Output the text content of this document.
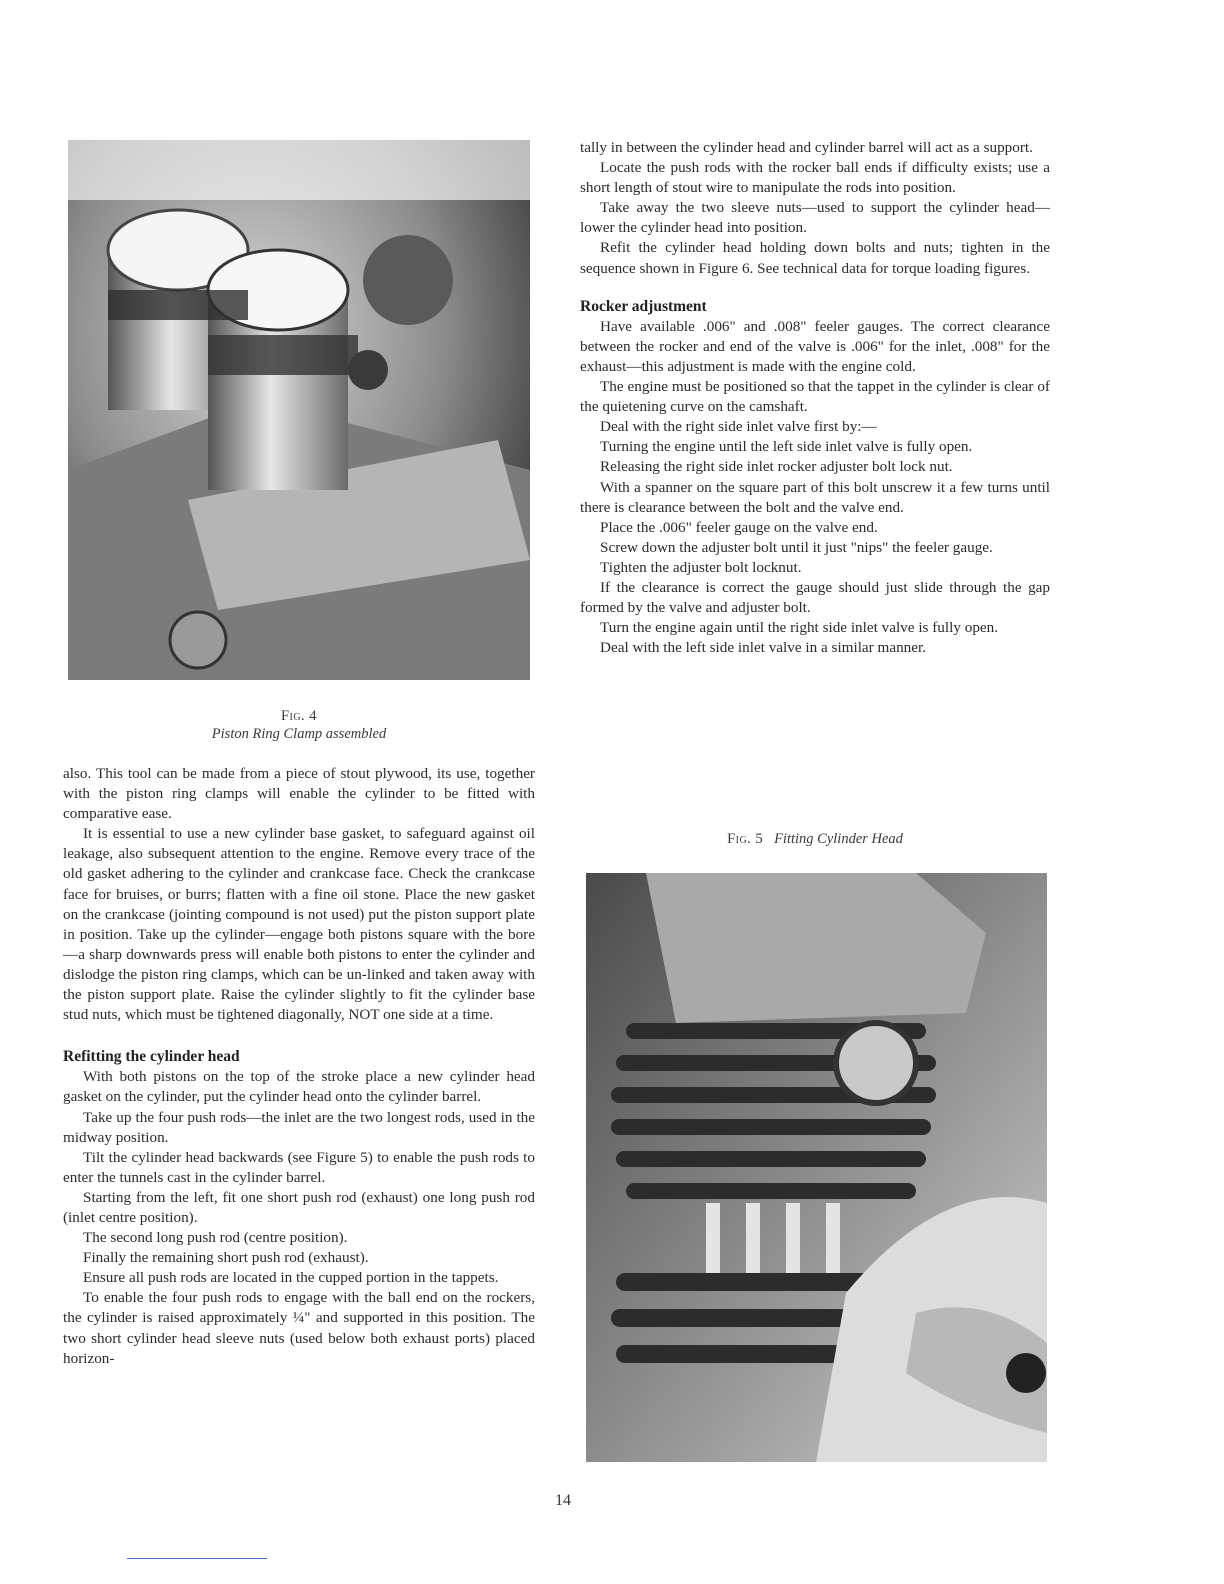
Fig. 4
Piston Ring Clamp assembled

also. This tool can be made from a piece of stout plywood, its use, together with the piston ring clamps will enable the cylinder to be fitted with comparative ease.

It is essential to use a new cylinder base gasket, to safeguard against oil leakage, also subsequent attention to the engine. Remove every trace of the old gasket adhering to the cylinder and crankcase face. Check the crankcase face for bruises, or burrs; flatten with a fine oil stone. Place the new gasket on the crankcase (jointing compound is not used) put the piston support plate in position. Take up the cylinder—engage both pistons square with the bore—a sharp downwards press will enable both pistons to enter the cylinder and dislodge the piston ring clamps, which can be un-linked and taken away with the piston support plate. Raise the cylinder slightly to fit the cylinder base stud nuts, which must be tightened diagonally, NOT one side at a time.

Refitting the cylinder head

With both pistons on the top of the stroke place a new cylinder head gasket on the cylinder, put the cylinder head onto the cylinder barrel.

Take up the four push rods—the inlet are the two longest rods, used in the midway position.

Tilt the cylinder head backwards (see Figure 5) to enable the push rods to enter the tunnels cast in the cylinder barrel.

Starting from the left, fit one short push rod (exhaust) one long push rod (inlet centre position).

The second long push rod (centre position).

Finally the remaining short push rod (exhaust).

Ensure all push rods are located in the cupped portion in the tappets.

To enable the four push rods to engage with the ball end on the rockers, the cylinder is raised approximately ¼" and supported in this position. The two short cylinder head sleeve nuts (used below both exhaust ports) placed horizon-

tally in between the cylinder head and cylinder barrel will act as a support.

Locate the push rods with the rocker ball ends if difficulty exists; use a short length of stout wire to manipulate the rods into position.

Take away the two sleeve nuts—used to support the cylinder head—lower the cylinder head into position.

Refit the cylinder head holding down bolts and nuts; tighten in the sequence shown in Figure 6. See technical data for torque loading figures.

Rocker adjustment

Have available .006" and .008" feeler gauges. The correct clearance between the rocker and end of the valve is .006" for the inlet, .008" for the exhaust—this adjustment is made with the engine cold.

The engine must be positioned so that the tappet in the cylinder is clear of the quietening curve on the camshaft.

Deal with the right side inlet valve first by:—

Turning the engine until the left side inlet valve is fully open.

Releasing the right side inlet rocker adjuster bolt lock nut.

With a spanner on the square part of this bolt unscrew it a few turns until there is clearance between the bolt and the valve end.

Place the .006" feeler gauge on the valve end.

Screw down the adjuster bolt until it just "nips" the feeler gauge.

Tighten the adjuster bolt locknut.

If the clearance is correct the gauge should just slide through the gap formed by the valve and adjuster bolt.

Turn the engine again until the right side inlet valve is fully open.

Deal with the left side inlet valve in a similar manner.

Fig. 5 Fitting Cylinder Head
14
